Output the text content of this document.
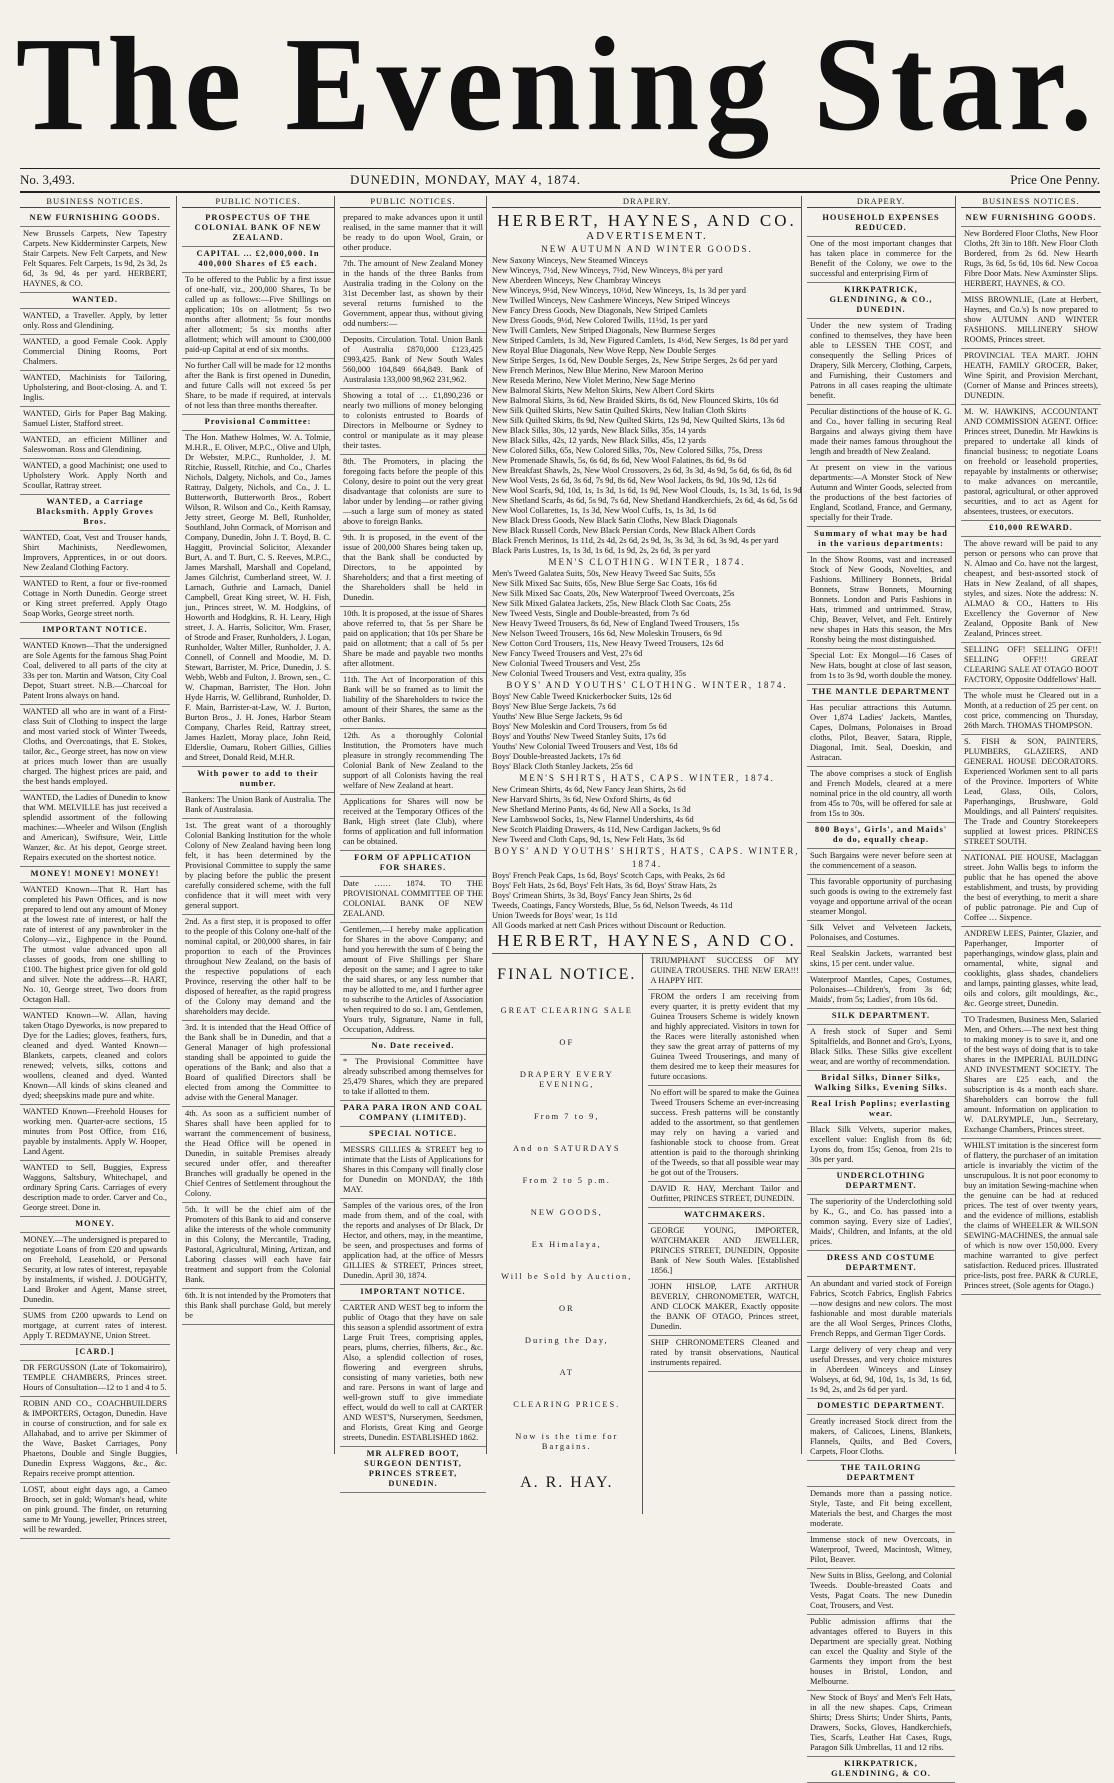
The Evening Star.
No. 3,493.	DUNEDIN, MONDAY, MAY 4, 1874.	Price One Penny.
BUSINESS NOTICES.
NEW FURNISHING GOODS.
New Brussels Carpets, New Tapestry Carpets. New Kidderminster Carpets, New Stair Carpets. New Felt Carpets, and New Felt Squares. Felt Carpets, 1s 9d, 2s 3d, 2s 6d, 3s 9d, 4s per yard. HERBERT, HAYNES, & CO.
WANTED.
WANTED, a Traveller. Apply, by letter only. Ross and Glendining.
WANTED, a good Female Cook. Apply Commercial Dining Rooms, Port Chalmers.
WANTED, Machinists for Tailoring, Upholstering, and Boot-closing. A. and T. Inglis.
WANTED, Girls for Paper Bag Making. Samuel Lister, Stafford street.
WANTED, an efficient Milliner and Saleswoman. Ross and Glendining.
WANTED, a good Machinist; one used to Upholstery Work. Apply North and Scoullar, Rattray street.
WANTED, a Carriage Blacksmith. Apply Groves Bros.
WANTED, Coat, Vest and Trouser hands, Shirt Machinists, Needlewomen, Improvers, Apprentices, in or out doors. New Zealand Clothing Factory.
WANTED to Rent, a four or five-roomed Cottage in North Dunedin. George street or King street preferred. Apply Otago Soap Works, George street north.
IMPORTANT NOTICE.
WANTED Known—That the undersigned are Sole Agents for the famous Shag Point Coal, delivered to all parts of the city at 33s per ton. Martin and Watson, City Coal Depot, Stuart street. N.B.—Charcoal for Patent Irons always on hand.
WANTED all who are in want of a First-class Suit of Clothing to inspect the large and most varied stock of Winter Tweeds, Cloths, and Overcoatings, that E. Stokes, tailor, &c., George street, has now on view at prices much lower than are usually charged. The highest prices are paid, and the best hands employed.
WANTED, the Ladies of Dunedin to know that WM. MELVILLE has just received a splendid assortment of the following machines:—Wheeler and Wilson (English and American), Swiftsure, Weir, Little Wanzer, &c. At his depot, George street. Repairs executed on the shortest notice.
MONEY! MONEY! MONEY!
WANTED Known—That R. Hart has completed his Pawn Offices, and is now prepared to lend out any amount of Money at the lowest rate of interest, or half the rate of interest of any pawnbroker in the Colony—viz., Eighpence in the Pound. The utmost value advanced upon all classes of goods, from one shilling to £100. The highest price given for old gold and silver. Note the address—R. HART, No. 10, George street, Two doors from Octagon Hall.
WANTED Known—W. Allan, having taken Otago Dyeworks, is now prepared to Dye for the Ladies; gloves, feathers, furs, cleaned and dyed. Wanted Known—Blankets, carpets, cleaned and colors renewed; velvets, silks, cottons and woollens, cleaned and dyed. Wanted Known—All kinds of skins cleaned and dyed; sheepskins made pure and white.
WANTED Known—Freehold Houses for working men. Quarter-acre sections, 15 minutes from Post Office, from £16, payable by instalments. Apply W. Hooper, Land Agent.
WANTED to Sell, Buggies, Express Waggons, Saltsbury, Whitechapel, and ordinary Spring Carts. Carriages of every description made to order. Carver and Co., George street. Done in.
MONEY.
MONEY.—The undersigned is prepared to negotiate Loans of from £20 and upwards on Freehold, Leasehold, or Personal Security, at low rates of interest, repayable by instalments, if wished. J. DOUGHTY, Land Broker and Agent, Manse street, Dunedin.
SUMS from £200 upwards to Lend on mortgage, at current rates of interest. Apply T. REDMAYNE, Union Street.
[CARD.]
DR FERGUSSON (Late of Tokomairiro), TEMPLE CHAMBERS, Princes street. Hours of Consultation—12 to 1 and 4 to 5.
ROBIN AND CO., COACHBUILDERS & IMPORTERS, Octagon, Dunedin. Have in course of construction, and for sale ex Allahabad, and to arrive per Skimmer of the Wave, Basket Carriages, Pony Phaetons, Double and Single Buggies, Dunedin Express Waggons, &c., &c. Repairs receive prompt attention.
LOST, about eight days ago, a Cameo Brooch, set in gold; Woman's head, white on pink ground. The finder, on returning same to Mr Young, jeweller, Princes street, will be rewarded.
PUBLIC NOTICES.
PROSPECTUS OF THE COLONIAL BANK OF NEW ZEALAND.
CAPITAL … £2,000,000. In 400,000 Shares of £5 each.
To be offered to the Public by a first issue of one-half, viz., 200,000 Shares, To be called up as follows:—Five Shillings on application; 10s on allotment; 5s two months after allotment; 5s four months after allotment; 5s six months after allotment; which will amount to £300,000 paid-up Capital at end of six months.
No further Call will be made for 12 months after the Bank is first opened in Dunedin, and future Calls will not exceed 5s per Share, to be made if required, at intervals of not less than three months thereafter.
Provisional Committee:
The Hon. Mathew Holmes, W. A. Tolmie, M.H.R., E. Oliver, M.P.C., Olive and Ulph, Dr Webster, M.P.C., Runholder, J. M. Ritchie, Russell, Ritchie, and Co., Charles Nichols, Dalgety, Nichols, and Co., James Rattray, Dalgety, Nichols, and Co., J. L. Butterworth, Butterworth Bros., Robert Wilson, R. Wilson and Co., Keith Ramsay, Jetty street, George M. Bell, Runholder, Southland, John Cormack, of Morrison and Company, Dunedin, John J. T. Boyd, B. C. Haggitt, Provincial Solicitor, Alexander Burt, A. and T. Burt, C. S. Reeves, M.P.C., James Marshall, Marshall and Copeland, James Gilchrist, Cumberland street, W. J. Larnach, Guthrie and Larnach, Daniel Campbell, Great King street, W. H. Fish, jun., Princes street, W. M. Hodgkins, of Howorth and Hodgkins, R. H. Leary, High street, J. A. Harris, Solicitor, Wm. Fraser, of Strode and Fraser, Runholders, J. Logan, Runholder, Walter Miller, Runholder, J. A. Connell, of Connell and Moodie, M. D. Stewart, Barrister, M. Price, Dunedin, J. S. Webb, Webb and Fulton, J. Brown, sen., C. W. Chapman, Barrister, The Hon. John Hyde Harris, W. Gellibrand, Runholder, D. F. Main, Barrister-at-Law, W. J. Burton, Burton Bros., J. H. Jones, Harbor Steam Company, Charles Reid, Rattray street, James Hazlett, Moray place, John Reid, Elderslie, Oamaru, Robert Gillies, Gillies and Street, Donald Reid, M.H.R.
With power to add to their number.
Bankers: The Union Bank of Australia. The Bank of Australasia.
1st. The great want of a thoroughly Colonial Banking Institution for the whole Colony of New Zealand having been long felt, it has been determined by the Provisional Committee to supply the same by placing before the public the present carefully considered scheme, with the full confidence that it will meet with very general support.
2nd. As a first step, it is proposed to offer to the people of this Colony one-half of the nominal capital, or 200,000 shares, in fair proportion to each of the Provinces throughout New Zealand, on the basis of the respective populations of each Province, reserving the other half to be disposed of hereafter, as the rapid progress of the Colony may demand and the shareholders may decide.
3rd. It is intended that the Head Office of the Bank shall be in Dunedin, and that a General Manager of high professional standing shall be appointed to guide the operations of the Bank; and also that a Board of qualified Directors shall be elected from among the Committee to advise with the General Manager.
4th. As soon as a sufficient number of Shares shall have been applied for to warrant the commencement of business, the Head Office will be opened in Dunedin, in suitable Premises already secured under offer, and thereafter Branches will gradually be opened in the Chief Centres of Settlement throughout the Colony.
5th. It will be the chief aim of the Promoters of this Bank to aid and conserve alike the interests of the whole community in this Colony, the Mercantile, Trading, Pastoral, Agricultural, Mining, Artizan, and Laboring classes will each have fair treatment and support from the Colonial Bank.
6th. It is not intended by the Promoters that this Bank shall purchase Gold, but merely be
PUBLIC NOTICES.
prepared to make advances upon it until realised, in the same manner that it will be ready to do upon Wool, Grain, or other produce.
7th. The amount of New Zealand Money in the hands of the three Banks from Australia trading in the Colony on the 31st December last, as shown by their several returns furnished to the Government, appear thus, without giving odd numbers:—
Deposits. Circulation. Total. Union Bank of Australia £870,000 £123,425 £993,425. Bank of New South Wales 560,000 104,849 664,849. Bank of Australasia 133,000 98,962 231,962.
Showing a total of … £1,890,236 or nearly two millions of money belonging to colonists entrusted to Boards of Directors in Melbourne or Sydney to control or manipulate as it may please their tastes.
8th. The Promoters, in placing the foregoing facts before the people of this Colony, desire to point out the very great disadvantage that colonists are sure to labor under by lending—or rather giving—such a large sum of money as stated above to foreign Banks.
9th. It is proposed, in the event of the issue of 200,000 Shares being taken up, that the Bank shall be conducted by Directors, to be appointed by Shareholders; and that a first meeting of the Shareholders shall be held in Dunedin.
10th. It is proposed, at the issue of Shares above referred to, that 5s per Share be paid on application; that 10s per Share be paid on allotment; that a call of 5s per Share be made and payable two months after allotment.
11th. The Act of Incorporation of this Bank will be so framed as to limit the liability of the Shareholders to twice the amount of their Shares, the same as the other Banks.
12th. As a thoroughly Colonial Institution, the Promoters have much pleasure in strongly recommending The Colonial Bank of New Zealand to the support of all Colonists having the real welfare of New Zealand at heart.
Applications for Shares will now be received at the Temporary Offices of the Bank, High street (late Club), where forms of application and full information can be obtained.
FORM OF APPLICATION FOR SHARES.
Date …… 1874. TO THE PROVISIONAL COMMITTEE OF THE COLONIAL BANK OF NEW ZEALAND.
Gentlemen,—I hereby make application for Shares in the above Company; and hand you herewith the sum of £ being the amount of Five Shillings per Share deposit on the same; and I agree to take the said shares, or any less number that may be allotted to me, and I further agree to subscribe to the Articles of Association when required to do so. I am, Gentlemen, Yours truly, Signature, Name in full, Occupation, Address.
No. Date received.
* The Provisional Committee have already subscribed among themselves for 25,479 Shares, which they are prepared to take if allotted to them.
PARA PARA IRON AND COAL COMPANY (LIMITED).
SPECIAL NOTICE.
MESSRS GILLIES & STREET beg to intimate that the Lists of Applications for Shares in this Company will finally close for Dunedin on MONDAY, the 18th MAY.
Samples of the various ores, of the Iron made from them, and of the coal, with the reports and analyses of Dr Black, Dr Hector, and others, may, in the meantime, be seen, and prospectuses and forms of application had, at the office of Messrs GILLIES & STREET, Princes street, Dunedin. April 30, 1874.
IMPORTANT NOTICE.
CARTER AND WEST beg to inform the public of Otago that they have on sale this season a splendid assortment of extra Large Fruit Trees, comprising apples, pears, plums, cherries, filberts, &c., &c. Also, a splendid collection of roses, flowering and evergreen shrubs, consisting of many varieties, both new and rare. Persons in want of large and well-grown stuff to give immediate effect, would do well to call at CARTER AND WEST'S, Nurserymen, Seedsmen, and Florists, Great King and George streets, Dunedin. ESTABLISHED 1862.
MR ALFRED BOOT, SURGEON DENTIST, PRINCES STREET, DUNEDIN.
DRAPERY.
HERBERT, HAYNES, AND CO.
ADVERTISEMENT.
NEW AUTUMN AND WINTER GOODS.
New Saxony Winceys, New Steamed Winceys
New Winceys, 7½d, New Winceys, 7½d, New Winceys, 8¼ per yard
New Aberdeen Winceys, New Chambray Winceys
New Winceys, 9½d, New Winceys, 10½d, New Winceys, 1s, 1s 3d per yard
New Twilled Winceys, New Cashmere Winceys, New Striped Winceys
New Fancy Dress Goods, New Diagonals, New Striped Camlets
New Dress Goods, 9½d, New Colored Twills, 11½d, 1s per yard
New Twill Camlets, New Striped Diagonals, New Burmese Serges
New Striped Camlets, 1s 3d, New Figured Camlets, 1s 4½d, New Serges, 1s 8d per yard
New Royal Blue Diagonals, New Wove Repp, New Double Serges
New Stripe Serges, 1s 6d, New Double Serges, 2s, New Stripe Serges, 2s 6d per yard
New French Merinos, New Blue Merino, New Maroon Merino
New Reseda Merino, New Violet Merino, New Sage Merino
New Balmoral Skirts, New Melton Skirts, New Albert Cord Skirts
New Balmoral Skirts, 3s 6d, New Braided Skirts, 8s 6d, New Flounced Skirts, 10s 6d
New Silk Quilted Skirts, New Satin Quilted Skirts, New Italian Cloth Skirts
New Silk Quilted Skirts, 8s 9d, New Quilted Skirts, 12s 9d, New Quilted Skirts, 13s 6d
New Black Silks, 30s, 12 yards, New Black Silks, 35s, 14 yards
New Black Silks, 42s, 12 yards, New Black Silks, 45s, 12 yards
New Colored Silks, 65s, New Colored Silks, 70s, New Colored Silks, 75s, Dress
New Promenade Shawls, 5s, 6s 6d, 8s 6d, New Wool Falatines, 8s 6d, 9s 6d
New Breakfast Shawls, 2s, New Wool Crossovers, 2s 6d, 3s 3d, 4s 9d, 5s 6d, 6s 6d, 8s 6d
New Wool Vests, 2s 6d, 3s 6d, 7s 9d, 8s 6d, New Wool Jackets, 8s 9d, 10s 9d, 12s 6d
New Wool Scarfs, 9d, 10d, 1s, 1s 3d, 1s 6d, 1s 9d, New Wool Clouds, 1s, 1s 3d, 1s 6d, 1s 9d
New Shetland Scarfs, 4s 6d, 5s 9d, 7s 6d, New Shetland Handkerchiefs, 2s 6d, 4s 6d, 5s 6d
New Wool Collarettes, 1s, 1s 3d, New Wool Cuffs, 1s, 1s 3d, 1s 6d
New Black Dress Goods, New Black Satin Cloths, New Black Diagonals
New Black Russell Cords, New Black Persian Cords, New Black Albert Cords
Black French Merinos, 1s 11d, 2s 4d, 2s 6d, 2s 9d, 3s, 3s 3d, 3s 6d, 3s 9d, 4s per yard
Black Paris Lustres, 1s, 1s 3d, 1s 6d, 1s 9d, 2s, 2s 6d, 3s per yard
MEN'S CLOTHING. WINTER, 1874.
Men's Tweed Galatea Suits, 50s, New Heavy Tweed Sac Suits, 55s
New Silk Mixed Sac Suits, 65s, New Blue Serge Sac Coats, 16s 6d
New Silk Mixed Sac Coats, 20s, New Waterproof Tweed Overcoats, 25s
New Silk Mixed Galatea Jackets, 25s, New Black Cloth Sac Coats, 25s
New Tweed Vests, Single and Double-breasted, from 7s 6d
New Heavy Tweed Trousers, 8s 6d, New of England Tweed Trousers, 15s
New Nelson Tweed Trousers, 16s 6d, New Moleskin Trousers, 6s 9d
New Cotton Cord Trousers, 11s, New Heavy Tweed Trousers, 12s 6d
New Fancy Tweed Trousers and Vest, 27s 6d
New Colonial Tweed Trousers and Vest, 25s
New Colonial Tweed Trousers and Vest, extra quality, 35s
BOYS' AND YOUTHS' CLOTHING. WINTER, 1874.
Boys' New Cable Tweed Knickerbocker Suits, 12s 6d
Boys' New Blue Serge Jackets, 7s 6d
Youths' New Blue Serge Jackets, 9s 6d
Boys' New Moleskin and Cord Trousers, from 5s 6d
Boys' and Youths' New Tweed Stanley Suits, 17s 6d
Youths' New Colonial Tweed Trousers and Vest, 18s 6d
Boys' Double-breasted Jackets, 17s 6d
Boys' Black Cloth Stanley Jackets, 25s 6d
MEN'S SHIRTS, HATS, CAPS. WINTER, 1874.
New Crimean Shirts, 4s 6d, New Fancy Jean Shirts, 2s 6d
New Harvard Shirts, 3s 6d, New Oxford Shirts, 4s 6d
New Shetland Merino Pants, 4s 6d, New All a Socks, 1s 3d
New Lambswool Socks, 1s, New Flannel Undershirts, 4s 6d
New Scotch Plaiding Drawers, 4s 11d, New Cardigan Jackets, 9s 6d
New Tweed and Cloth Caps, 9d, 1s, New Felt Hats, 3s 6d
BOYS' AND YOUTHS' SHIRTS, HATS, CAPS. WINTER, 1874.
Boys' French Peak Caps, 1s 6d, Boys' Scotch Caps, with Peaks, 2s 6d
Boys' Felt Hats, 2s 6d, Boys' Felt Hats, 3s 6d, Boys' Straw Hats, 2s
Boys' Crimean Shirts, 3s 3d, Boys' Fancy Jean Shirts, 2s 6d
Tweeds, Coatings, Fancy Worsteds, Blue, 5s 6d, Nelson Tweeds, 4s 11d
Union Tweeds for Boys' wear, 1s 11d
All Goods marked at nett Cash Prices without Discount or Reduction.
HERBERT, HAYNES, AND CO.
FINAL NOTICE.
GREAT CLEARING SALE
OF
DRAPERY EVERY EVENING,
From 7 to 9,
And on SATURDAYS
From 2 to 5 p.m.
NEW GOODS,
Ex Himalaya,
Will be Sold by Auction,
OR
During the Day,
AT
CLEARING PRICES.
Now is the time for Bargains.
A. R. HAY.
TRIUMPHANT SUCCESS OF MY GUINEA TROUSERS. THE NEW ERA!!! A HAPPY HIT.
FROM the orders I am receiving from every quarter, it is pretty evident that my Guinea Trousers Scheme is widely known and highly appreciated. Visitors in town for the Races were literally astonished when they saw the great array of patterns of my Guinea Tweed Trouserings, and many of them desired me to keep their measures for future occasions.
No effort will be spared to make the Guinea Tweed Trousers Scheme an ever-increasing success. Fresh patterns will be constantly added to the assortment, so that gentlemen may rely on having a varied and fashionable stock to choose from. Great attention is paid to the thorough shrinking of the Tweeds, so that all possible wear may be got out of the Trousers.
DAVID R. HAY, Merchant Tailor and Outfitter, PRINCES STREET, DUNEDIN.
WATCHMAKERS.
GEORGE YOUNG, IMPORTER, WATCHMAKER AND JEWELLER, PRINCES STREET, DUNEDIN, Opposite Bank of New South Wales. [Established 1856.]
JOHN HISLOP, LATE ARTHUR BEVERLY, CHRONOMETER, WATCH, AND CLOCK MAKER, Exactly opposite the BANK OF OTAGO, Princes street, Dunedin.
SHIP CHRONOMETERS Cleaned and rated by transit observations, Nautical instruments repaired.
DRAPERY.
HOUSEHOLD EXPENSES REDUCED.
One of the most important changes that has taken place in commerce for the Benefit of the Colony, we owe to the successful and enterprising Firm of
KIRKPATRICK, GLENDINING, & CO., DUNEDIN.
Under the new system of Trading confined to themselves, they have been able to LESSEN THE COST, and consequently the Selling Prices of Drapery, Silk Mercery, Clothing, Carpets, and Furnishing, their Customers and Patrons in all cases reaping the ultimate benefit.
Peculiar distinctions of the house of K. G. and Co., hover falling in securing Real Bargains and always giving them have made their names famous throughout the length and breadth of New Zealand.
At present on view in the various departments:—A Monster Stock of New Autumn and Winter Goods, selected from the productions of the best factories of England, Scotland, France, and Germany, specially for their Trade.
Summary of what may be had in the various departments:
In the Show Rooms, vast and increased Stock of New Goods, Novelties, and Fashions. Millinery Bonnets, Bridal Bonnets, Straw Bonnets, Mourning Bonnets. London and Paris Fashions in Hats, trimmed and untrimmed. Straw, Chip, Beaver, Velvet, and Felt. Entirely new shapes in Hats this season, the Mrs Ronsby being the most distinguished.
Special Lot: Ex Mongol—16 Cases of New Hats, bought at close of last season, from 1s to 3s 9d, worth double the money.
THE MANTLE DEPARTMENT
Has peculiar attractions this Autumn. Over 1,874 Ladies' Jackets, Mantles, Capes, Dolmans, Polonaises in Broad cloths, Pilot, Beaver, Satara, Ripple, Diagonal, Imit. Seal, Doeskin, and Astracan.
The above comprises a stock of English and French Models, cleared at a mere nominal price in the old country, all worth from 45s to 70s, will be offered for sale at from 15s to 30s.
800 Boys', Girls', and Maids' do do, equally cheap.
Such Bargains were never before seen at the commencement of a season.
This favorable opportunity of purchasing such goods is owing to the extremely fast voyage and opportune arrival of the ocean steamer Mongol.
Silk Velvet and Velveteen Jackets, Polonaises, and Costumes.
Real Sealskin Jackets, warranted best skins, 15 per cent. under value.
Waterproof Mantles, Capes, Costumes, Polonaises—Children's, from 3s 6d; Maids', from 5s; Ladies', from 10s 6d.
SILK DEPARTMENT.
A fresh stock of Super and Semi Spitalfields, and Bonnet and Gro's, Lyons, Black Silks. These Silks give excellent wear, and are worthy of recommendation.
Bridal Silks, Dinner Silks, Walking Silks, Evening Silks.
Real Irish Poplins; everlasting wear.
Black Silk Velvets, superior makes, excellent value: English from 8s 6d; Lyons do, from 15s; Genoa, from 21s to 30s per yard.
UNDERCLOTHING DEPARTMENT.
The superiority of the Underclothing sold by K., G., and Co. has passed into a common saying. Every size of Ladies', Maids', Children, and Infants, at the old prices.
DRESS AND COSTUME DEPARTMENT.
An abundant and varied stock of Foreign Fabrics, Scotch Fabrics, English Fabrics—now designs and new colors. The most fashionable and most durable materials are the all Wool Serges, Princes Cloths, French Repps, and German Tiger Cords.
Large delivery of very cheap and very useful Dresses, and very choice mixtures in Aberdeen Winceys and Linsey Wolseys, at 6d, 9d, 10d, 1s, 1s 3d, 1s 6d, 1s 9d, 2s, and 2s 6d per yard.
DOMESTIC DEPARTMENT.
Greatly increased Stock direct from the makers, of Calicoes, Linens, Blankets, Flannels, Quilts, and Bed Covers, Carpets, Floor Cloths.
THE TAILORING DEPARTMENT
Demands more than a passing notice. Style, Taste, and Fit being excellent, Materials the best, and Charges the most moderate.
Immense stock of new Overcoats, in Waterproof, Tweed, Macintosh, Witney, Pilot, Beaver.
New Suits in Bliss, Geelong, and Colonial Tweeds. Double-breasted Coats and Vests, Pagat Coats. The new Dunedin Coat, Trousers, and Vest.
Public admission affirms that the advantages offered to Buyers in this Department are specially great. Nothing can excel the Quality and Style of the Garments they import from the best houses in Bristol, London, and Melbourne.
New Stock of Boys' and Men's Felt Hats, in all the new shapes. Caps, Crimean Shirts; Dress Shirts; Under Shirts, Pants, Drawers, Socks, Gloves, Handkerchiefs, Ties, Scarfs, Leather Hat Cases, Rugs, Paragon Silk Umbrellas, 11 and 12 ribs.
KIRKPATRICK, GLENDINING, & CO.
BUSINESS NOTICES.
NEW FURNISHING GOODS.
New Bordered Floor Cloths, New Floor Cloths, 2ft 3in to 18ft. New Floor Cloth Bordered, from 2s 6d. New Hearth Rugs, 3s 6d, 5s 6d, 10s 6d. New Cocoa Fibre Door Mats. New Axminster Slips. HERBERT, HAYNES, & CO.
MISS BROWNLIE, (Late at Herbert, Haynes, and Co.'s) Is now prepared to show AUTUMN AND WINTER FASHIONS. MILLINERY SHOW ROOMS, Princes street.
PROVINCIAL TEA MART. JOHN HEATH, FAMILY GROCER, Baker, Wine Spirit, and Provision Merchant, (Corner of Manse and Princes streets), DUNEDIN.
M. W. HAWKINS, ACCOUNTANT AND COMMISSION AGENT. Office: Princes street, Dunedin. Mr Hawkins is prepared to undertake all kinds of financial business; to negotiate Loans on freehold or leasehold properties, repayable by instalments or otherwise; to make advances on mercantile, pastoral, agricultural, or other approved securities, and to act as Agent for absentees, trustees, or executors.
£10,000 REWARD.
The above reward will be paid to any person or persons who can prove that N. Almao and Co. have not the largest, cheapest, and best-assorted stock of Hats in New Zealand, of all shapes, styles, and sizes. Note the address: N. ALMAO & CO., Hatters to His Excellency the Governor of New Zealand, Opposite Bank of New Zealand, Princes street.
SELLING OFF! SELLING OFF!! SELLING OFF!!! GREAT CLEARING SALE AT OTAGO BOOT FACTORY, Opposite Oddfellows' Hall.
The whole must be Cleared out in a Month, at a reduction of 25 per cent. on cost price, commencing on Thursday, 26th March. THOMAS THOMPSON.
S. FISH & SON, PAINTERS, PLUMBERS, GLAZIERS, AND GENERAL HOUSE DECORATORS. Experienced Workmen sent to all parts of the Province. Importers of White Lead, Glass, Oils, Colors, Paperhangings, Brushware, Gold Mouldings, and all Painters' requisites. The Trade and Country Storekeepers supplied at lowest prices. PRINCES STREET SOUTH.
NATIONAL PIE HOUSE, Maclaggan street. John Wallis begs to inform the public that he has opened the above establishment, and trusts, by providing the best of everything, to merit a share of public patronage. Pie and Cup of Coffee … Sixpence.
ANDREW LEES, Painter, Glazier, and Paperhanger, Importer of paperhangings, window glass, plain and ornamental, white, signal and cooklights, glass shades, chandeliers and lamps, painting glasses, white lead, oils and colors, gilt mouldings, &c., &c. George street, Dunedin.
TO Tradesmen, Business Men, Salaried Men, and Others.—The next best thing to making money is to save it, and one of the best ways of doing that is to take shares in the IMPERIAL BUILDING AND INVESTMENT SOCIETY. The Shares are £25 each, and the subscription is 4s a month each share. Shareholders can borrow the full amount. Information on application to W. DALRYMPLE, Jun., Secretary, Exchange Chambers, Princes street.
WHILST imitation is the sincerest form of flattery, the purchaser of an imitation article is invariably the victim of the unscrupulous. It is not poor economy to buy an imitation Sewing-machine when the genuine can be had at reduced prices. The test of over twenty years, and the evidence of millions, establish the claims of WHEELER & WILSON SEWING-MACHINES, the annual sale of which is now over 150,000. Every machine warranted to give perfect satisfaction. Reduced prices. Illustrated price-lists, post free. PARK & CURLE, Princes street, (Sole agents for Otago.)
